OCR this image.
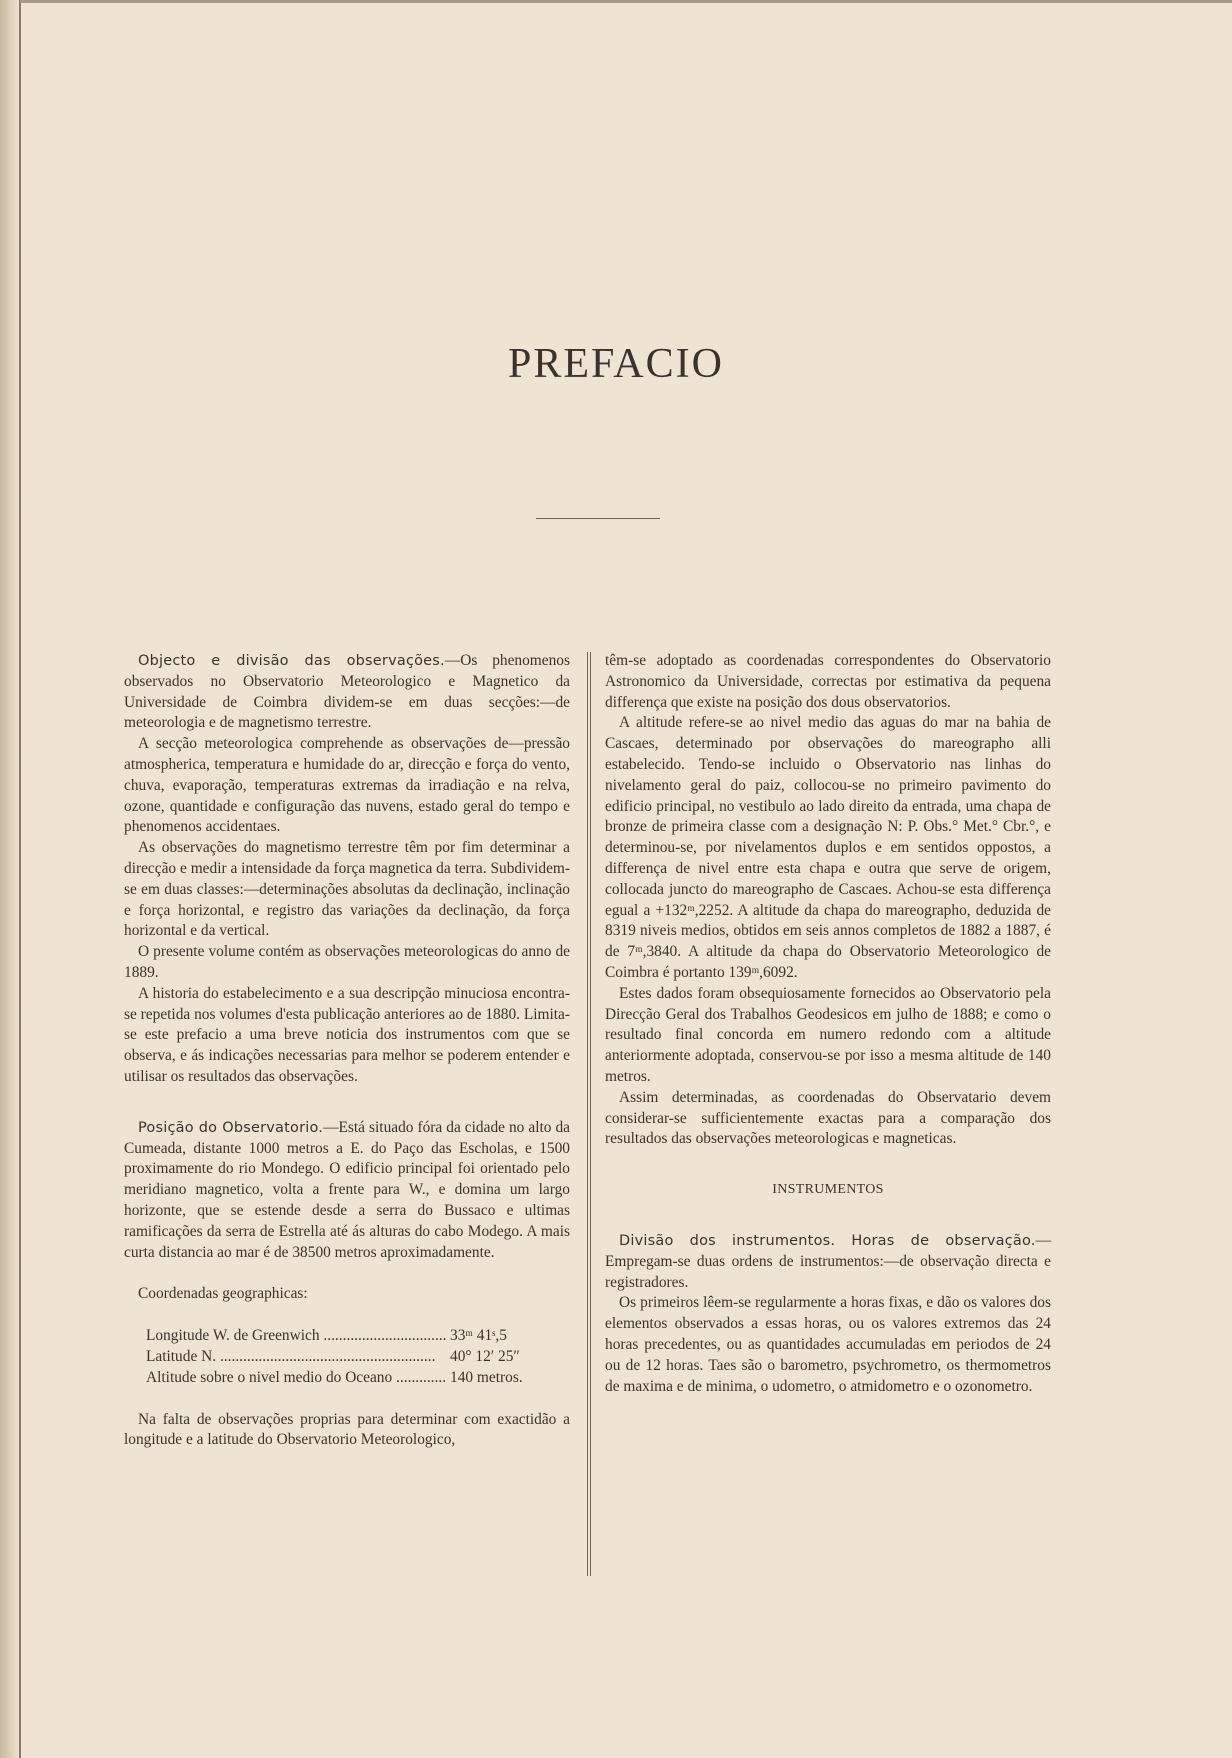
PREFACIO

Objecto e divisão das observações.—Os phenomenos observados no Observatorio Meteorologico e Magnetico da Universidade de Coimbra dividem-se em duas secções:—de meteorologia e de magnetismo terrestre.

A secção meteorologica comprehende as observações de—pressão atmospherica, temperatura e humidade do ar, direcção e força do vento, chuva, evaporação, temperaturas extremas da irradiação e na relva, ozone, quantidade e configuração das nuvens, estado geral do tempo e phenomenos accidentaes.

As observações do magnetismo terrestre têm por fim determinar a direcção e medir a intensidade da força magnetica da terra. Subdividem-se em duas classes:—determinações absolutas da declinação, inclinação e força horizontal, e registro das variações da declinação, da força horizontal e da vertical.

O presente volume contém as observações meteorologicas do anno de 1889.

A historia do estabelecimento e a sua descripção minuciosa encontra-se repetida nos volumes d'esta publicação anteriores ao de 1880. Limita-se este prefacio a uma breve noticia dos instrumentos com que se observa, e ás indicações necessarias para melhor se poderem entender e utilisar os resultados das observações.

Posição do Observatorio.—Está situado fóra da cidade no alto da Cumeada, distante 1000 metros a E. do Paço das Escholas, e 1500 proximamente do rio Mondego. O edificio principal foi orientado pelo meridiano magnetico, volta a frente para W., e domina um largo horizonte, que se estende desde a serra do Bussaco e ultimas ramificações da serra de Estrella até ás alturas do cabo Modego. A mais curta distancia ao mar é de 38500 metros aproximadamente.

Coordenadas geographicas:

Longitude W. de Greenwich .....	33ᵐ 41ˢ,5
Latitude N. .....	40° 12′ 25″
Altitude sobre o nivel medio do Oceano .....	140 metros.

Na falta de observações proprias para determinar com exactidão a longitude e a latitude do Observatorio Meteorologico,

têm-se adoptado as coordenadas correspondentes do Observatorio Astronomico da Universidade, correctas por estimativa da pequena differença que existe na posição dos dous observatorios.

A altitude refere-se ao nivel medio das aguas do mar na bahia de Cascaes, determinado por observações do mareographo alli estabelecido. Tendo-se incluido o Observatorio nas linhas do nivelamento geral do paiz, collocou-se no primeiro pavimento do edificio principal, no vestibulo ao lado direito da entrada, uma chapa de bronze de primeira classe com a designação N: P. Obs.° Met.° Cbr.°, e determinou-se, por nivelamentos duplos e em sentidos oppostos, a differença de nivel entre esta chapa e outra que serve de origem, collocada juncto do mareographo de Cascaes. Achou-se esta differença egual a +132ᵐ,2252. A altitude da chapa do mareographo, deduzida de 8319 niveis medios, obtidos em seis annos completos de 1882 a 1887, é de 7ᵐ,3840. A altitude da chapa do Observatorio Meteorologico de Coimbra é portanto 139ᵐ,6092.

Estes dados foram obsequiosamente fornecidos ao Observatorio pela Direcção Geral dos Trabalhos Geodesicos em julho de 1888; e como o resultado final concorda em numero redondo com a altitude anteriormente adoptada, conservou-se por isso a mesma altitude de 140 metros.

Assim determinadas, as coordenadas do Observatario devem considerar-se sufficientemente exactas para a comparação dos resultados das observações meteorologicas e magneticas.

INSTRUMENTOS

Divisão dos instrumentos. Horas de observação.—Empregam-se duas ordens de instrumentos:—de observação directa e registradores.

Os primeiros lêem-se regularmente a horas fixas, e dão os valores dos elementos observados a essas horas, ou os valores extremos das 24 horas precedentes, ou as quantidades accumuladas em periodos de 24 ou de 12 horas. Taes são o barometro, psychrometro, os thermometros de maxima e de minima, o udometro, o atmidometro e o ozonometro.
